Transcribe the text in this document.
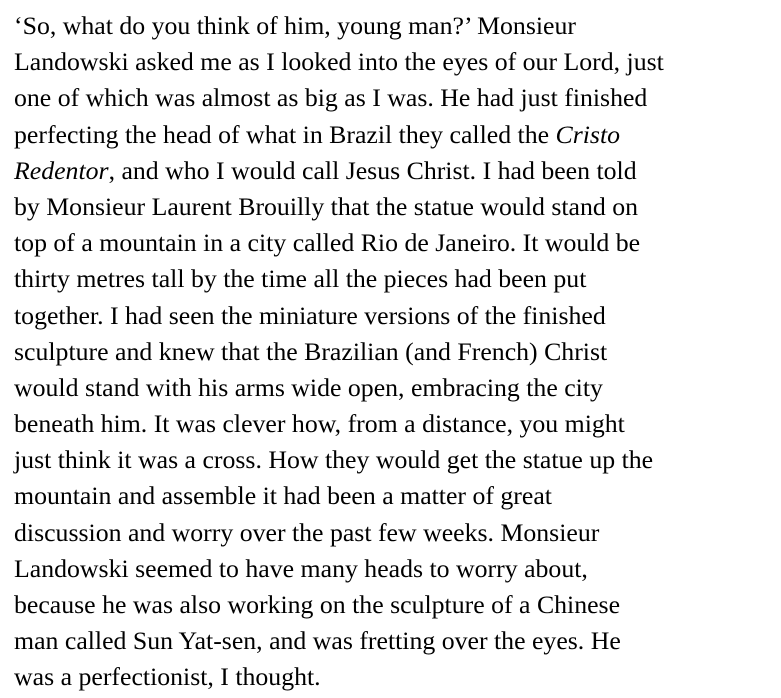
‘So, what do you think of him, young man?’ Monsieur
Landowski asked me as I looked into the eyes of our Lord, just
one of which was almost as big as I was. He had just finished
perfecting the head of what in Brazil they called the Cristo
Redentor, and who I would call Jesus Christ. I had been told
by Monsieur Laurent Brouilly that the statue would stand on
top of a mountain in a city called Rio de Janeiro. It would be
thirty metres tall by the time all the pieces had been put
together. I had seen the miniature versions of the finished
sculpture and knew that the Brazilian (and French) Christ
would stand with his arms wide open, embracing the city
beneath him. It was clever how, from a distance, you might
just think it was a cross. How they would get the statue up the
mountain and assemble it had been a matter of great
discussion and worry over the past few weeks. Monsieur
Landowski seemed to have many heads to worry about,
because he was also working on the sculpture of a Chinese
man called Sun Yat-sen, and was fretting over the eyes. He
was a perfectionist, I thought.
